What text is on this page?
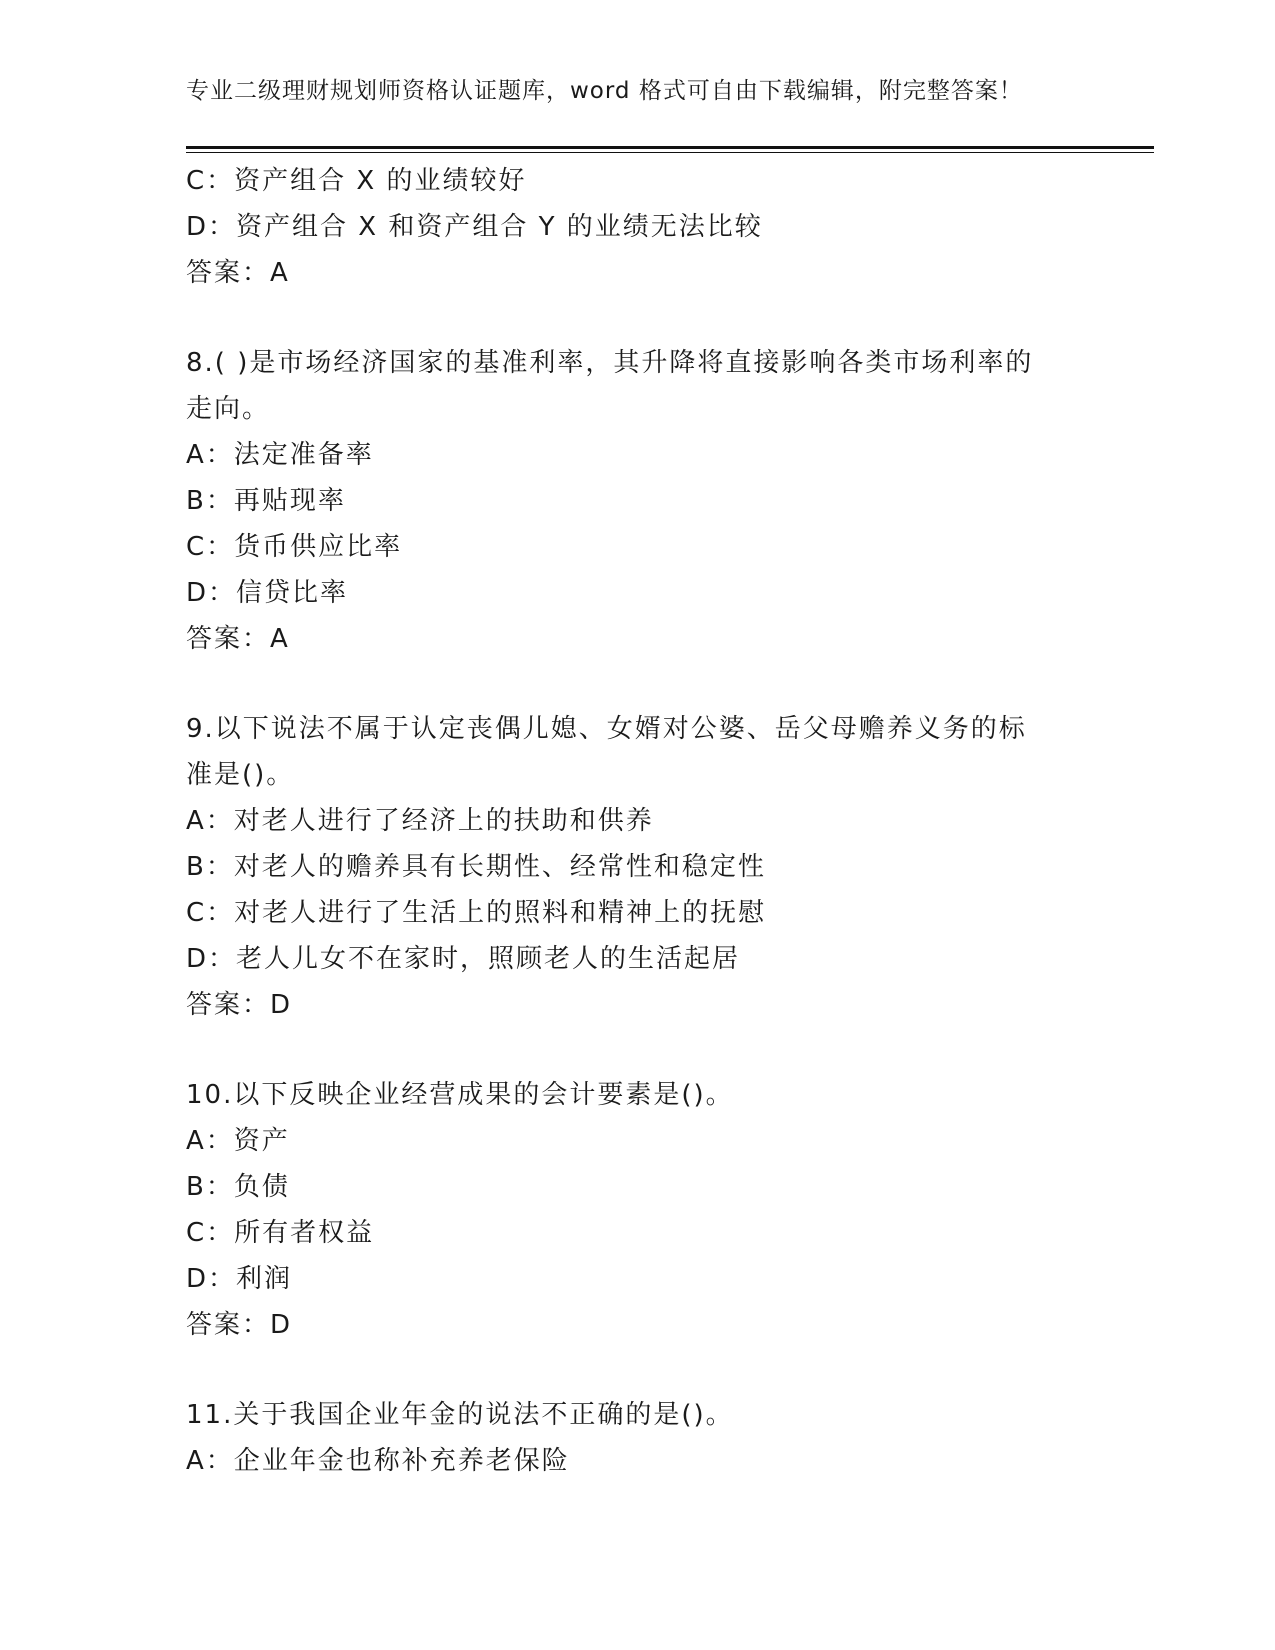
专业二级理财规划师资格认证题库，word 格式可自由下载编辑，附完整答案！
C：资产组合 X 的业绩较好
D：资产组合 X 和资产组合 Y 的业绩无法比较
答案：A
8.( )是市场经济国家的基准利率，其升降将直接影响各类市场利率的
走向。
A：法定准备率
B：再贴现率
C：货币供应比率
D：信贷比率
答案：A
9.以下说法不属于认定丧偶儿媳、女婿对公婆、岳父母赡养义务的标
准是()。
A：对老人进行了经济上的扶助和供养
B：对老人的赡养具有长期性、经常性和稳定性
C：对老人进行了生活上的照料和精神上的抚慰
D：老人儿女不在家时，照顾老人的生活起居
答案：D
10.以下反映企业经营成果的会计要素是()。
A：资产
B：负债
C：所有者权益
D：利润
答案：D
11.关于我国企业年金的说法不正确的是()。
A：企业年金也称补充养老保险
